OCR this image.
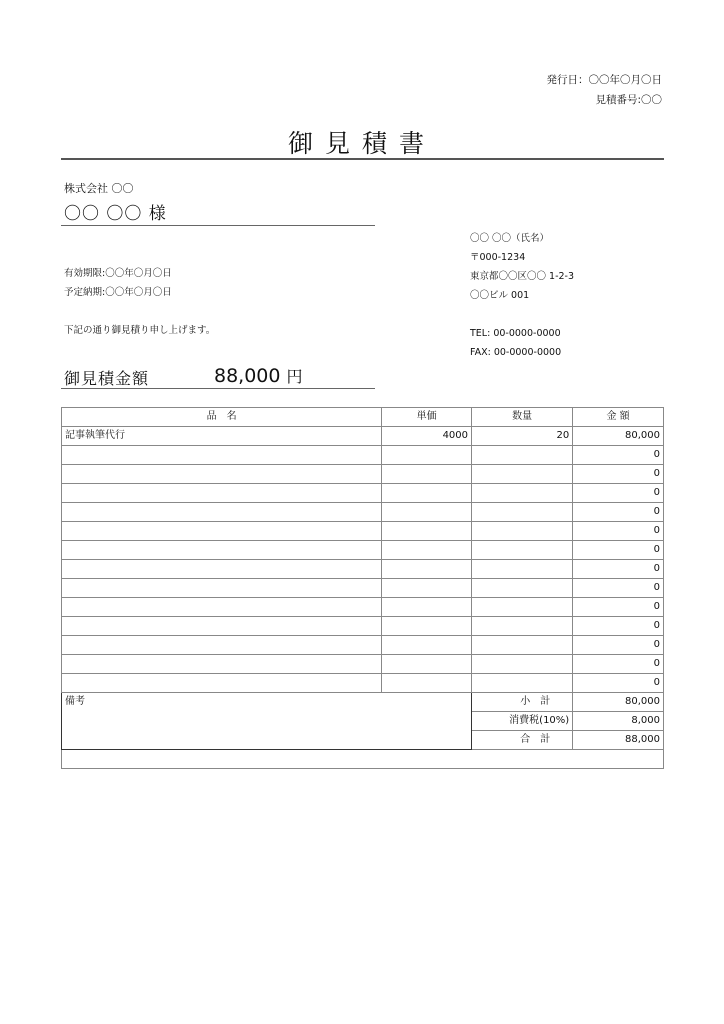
発行日：〇〇年〇月〇日
見積番号:〇〇
御見積書
株式会社 〇〇
〇〇 〇〇 様
〇〇 〇〇（氏名）
〒000-1234
東京都〇〇区〇〇 1-2-3
〇〇ビル 001
TEL: 00-0000-0000
FAX: 00-0000-0000
有効期限:〇〇年〇月〇日
予定納期:〇〇年〇月〇日
下記の通り御見積り申し上げます。
御見積金額	88,000 円
品　名	単価	数量	金 額
記事執筆代行	4000	20	80,000
			0
			0
			0
			0
			0
			0
			0
			0
			0
			0
			0
			0
			0
備考		小　計	80,000
		消費税(10%)	8,000
		合　計	88,000
